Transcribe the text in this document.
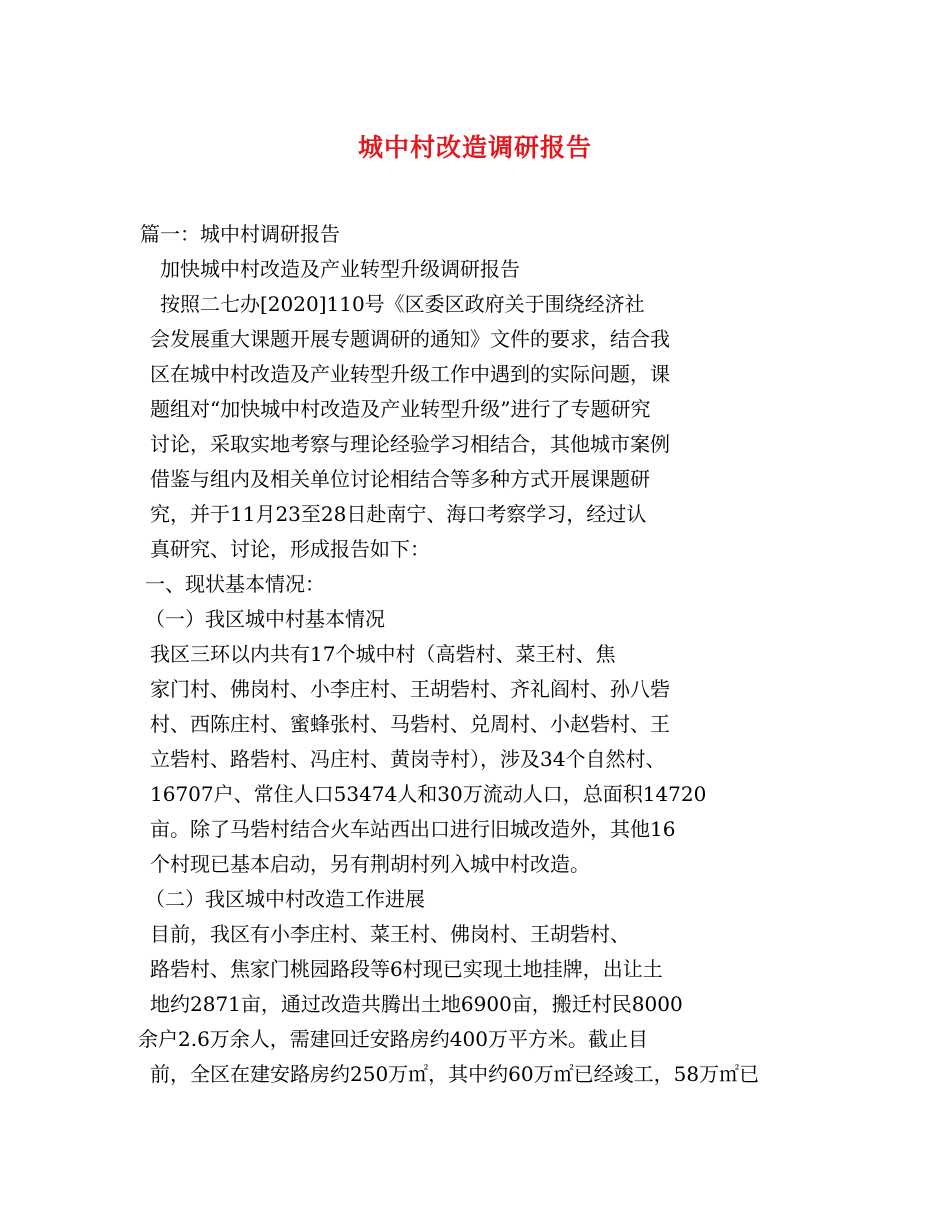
城中村改造调研报告
篇一：城中村调研报告
加快城中村改造及产业转型升级调研报告
按照二七办[2020]110号《区委区政府关于围绕经济社
会发展重大课题开展专题调研的通知》文件的要求，结合我
区在城中村改造及产业转型升级工作中遇到的实际问题，课
题组对“加快城中村改造及产业转型升级”进行了专题研究
讨论，采取实地考察与理论经验学习相结合，其他城市案例
借鉴与组内及相关单位讨论相结合等多种方式开展课题研
究，并于11月23至28日赴南宁、海口考察学习，经过认
真研究、讨论，形成报告如下：
一、现状基本情况：
（一）我区城中村基本情况
我区三环以内共有17个城中村（高砦村、菜王村、焦
家门村、佛岗村、小李庄村、王胡砦村、齐礼阎村、孙八砦
村、西陈庄村、蜜蜂张村、马砦村、兑周村、小赵砦村、王
立砦村、路砦村、冯庄村、黄岗寺村），涉及34个自然村、
16707户、常住人口53474人和30万流动人口，总面积14720
亩。除了马砦村结合火车站西出口进行旧城改造外，其他16
个村现已基本启动，另有荆胡村列入城中村改造。
（二）我区城中村改造工作进展
目前，我区有小李庄村、菜王村、佛岗村、王胡砦村、
路砦村、焦家门桃园路段等6村现已实现土地挂牌，出让土
地约2871亩，通过改造共腾出土地6900亩，搬迁村民8000
余户2.6万余人，需建回迁安路房约400万平方米。截止目
前，全区在建安路房约250万㎡，其中约60万㎡已经竣工，58万㎡已
